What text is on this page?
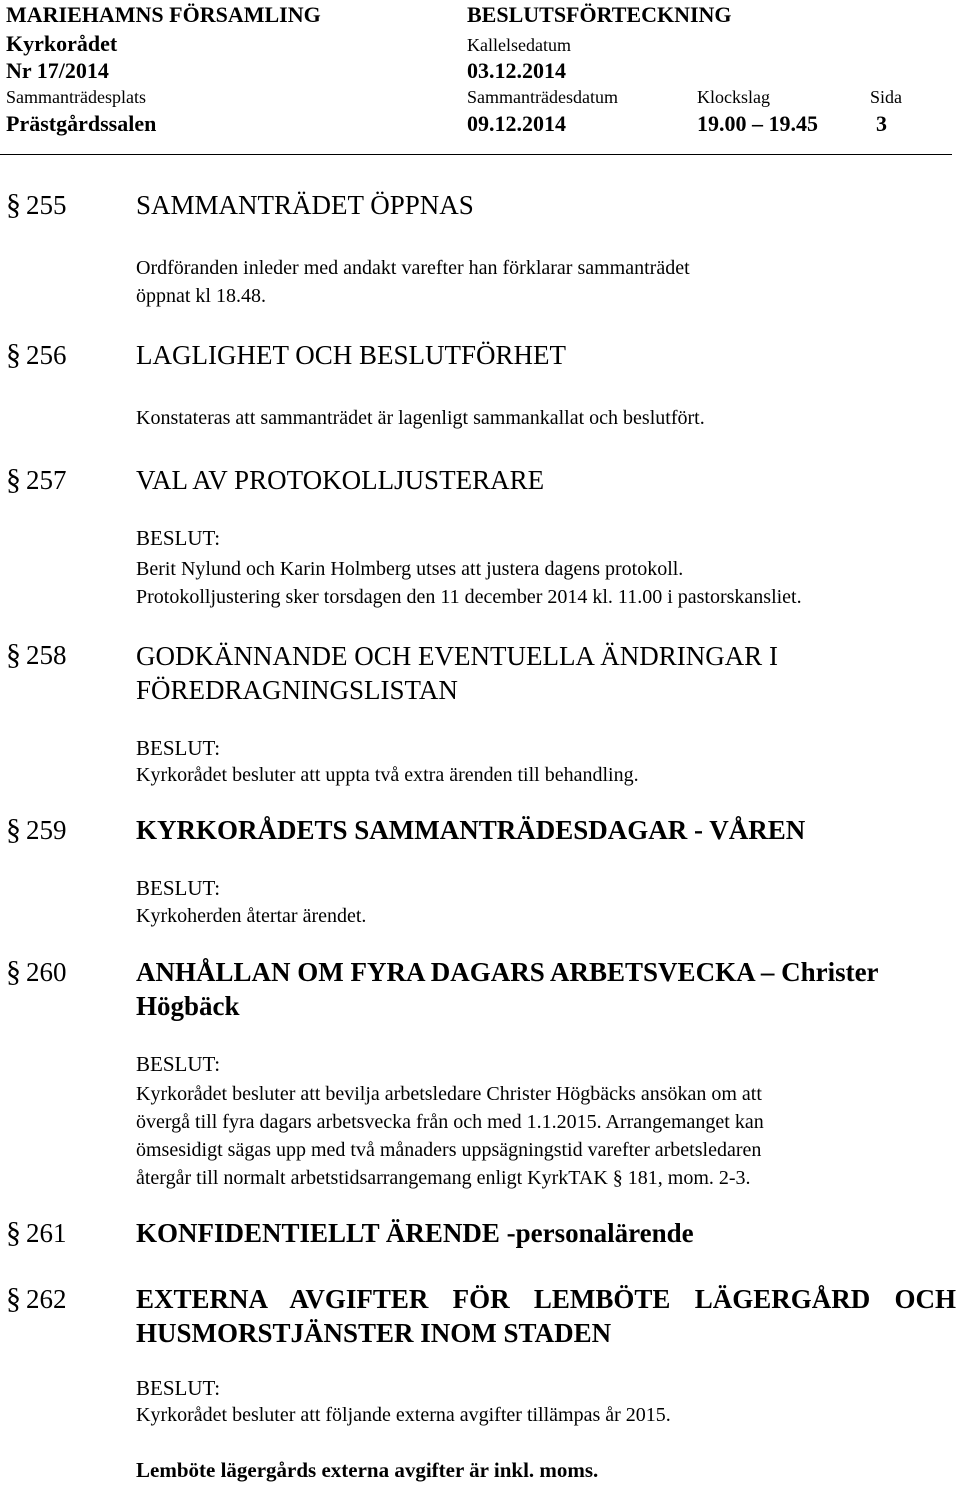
MARIEHAMNS FÖRSAMLING	BESLUTSFÖRTECKNING
Kyrkorådet	Kallelsedatum
Nr 17/2014	03.12.2014
Sammanträdesplats	Sammanträdesdatum	Klockslag	Sida
Prästgårdssalen	09.12.2014	19.00 – 19.45	3
§ 255	SAMMANTRÄDET ÖPPNAS
Ordföranden inleder med andakt varefter han förklarar sammanträdet
öppnat kl 18.48.
§ 256	LAGLIGHET OCH BESLUTFÖRHET
Konstateras att sammanträdet är lagenligt sammankallat och beslutfört.
§ 257	VAL AV PROTOKOLLJUSTERARE
BESLUT:
Berit Nylund och Karin Holmberg utses att justera dagens protokoll.
Protokolljustering sker torsdagen den 11 december 2014 kl. 11.00 i pastorskansliet.
§ 258	GODKÄNNANDE OCH EVENTUELLA ÄNDRINGAR I
FÖREDRAGNINGSLISTAN
BESLUT:
Kyrkorådet besluter att uppta två extra ärenden till behandling.
§ 259	KYRKORÅDETS SAMMANTRÄDESDAGAR - VÅREN
BESLUT:
Kyrkoherden återtar ärendet.
§ 260	ANHÅLLAN OM FYRA DAGARS ARBETSVECKA – Christer
Högbäck
BESLUT:
Kyrkorådet besluter att bevilja arbetsledare Christer Högbäcks ansökan om att
övergå till fyra dagars arbetsvecka från och med 1.1.2015. Arrangemanget kan
ömsesidigt sägas upp med två månaders uppsägningstid varefter arbetsledaren
återgår till normalt arbetstidsarrangemang enligt KyrkTAK § 181, mom. 2-3.
§ 261	KONFIDENTIELLT ÄRENDE -personalärende
§ 262	EXTERNA AVGIFTER FÖR LEMBÖTE LÄGERGÅRD OCH
HUSMORSTJÄNSTER INOM STADEN
BESLUT:
Kyrkorådet besluter att följande externa avgifter tillämpas år 2015.
Lemböte lägergårds externa avgifter är inkl. moms.
